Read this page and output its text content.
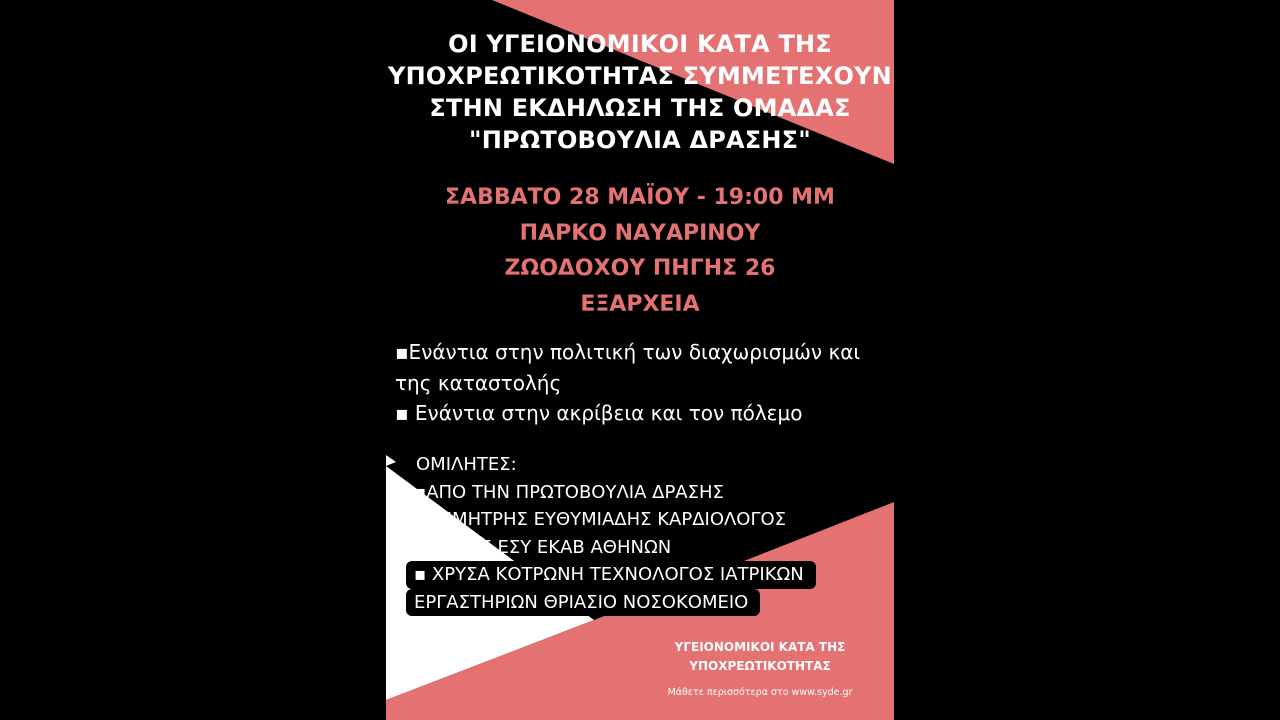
ΟΙ ΥΓΕΙΟΝΟΜΙΚΟΙ ΚΑΤΑ ΤΗΣ
ΥΠΟΧΡΕΩΤΙΚΟΤΗΤΑΣ ΣΥΜΜΕΤΕΧΟΥΝ
ΣΤΗΝ ΕΚΔΗΛΩΣΗ ΤΗΣ ΟΜΑΔΑΣ
"ΠΡΩΤΟΒΟΥΛΙΑ ΔΡΑΣΗΣ"
ΣΑΒΒΑΤΟ 28 ΜΑΪΟΥ - 19:00 ΜΜ
ΠΑΡΚΟ ΝΑΥΑΡΙΝΟΥ
ΖΩΟΔΟΧΟΥ ΠΗΓΗΣ 26
ΕΞΑΡΧΕΙΑ
▪Ενάντια στην πολιτική των διαχωρισμών και
της καταστολής
▪ Ενάντια στην ακρίβεια και τον πόλεμο
ΟΜΙΛΗΤΕΣ:
▪ΑΠΟ ΤΗΝ ΠΡΩΤΟΒΟΥΛΙΑ ΔΡΑΣΗΣ
▪ΔΗΜΗΤΡΗΣ ΕΥΘΥΜΙΑΔΗΣ ΚΑΡΔΙΟΛΟΓΟΣ
Δ/ΝΤΗΣ ΕΣΥ ΕΚΑΒ ΑΘΗΝΩΝ
▪ ΧΡΥΣΑ ΚΟΤΡΩΝΗ ΤΕΧΝΟΛΟΓΟΣ ΙΑΤΡΙΚΩΝ
ΕΡΓΑΣΤΗΡΙΩΝ ΘΡΙΑΣΙΟ ΝΟΣΟΚΟΜΕΙΟ
ΥΓΕΙΟΝΟΜΙΚΟΙ ΚΑΤΑ ΤΗΣ
ΥΠΟΧΡΕΩΤΙΚΟΤΗΤΑΣ
Μάθετε περισσότερα στο www.syde.gr
